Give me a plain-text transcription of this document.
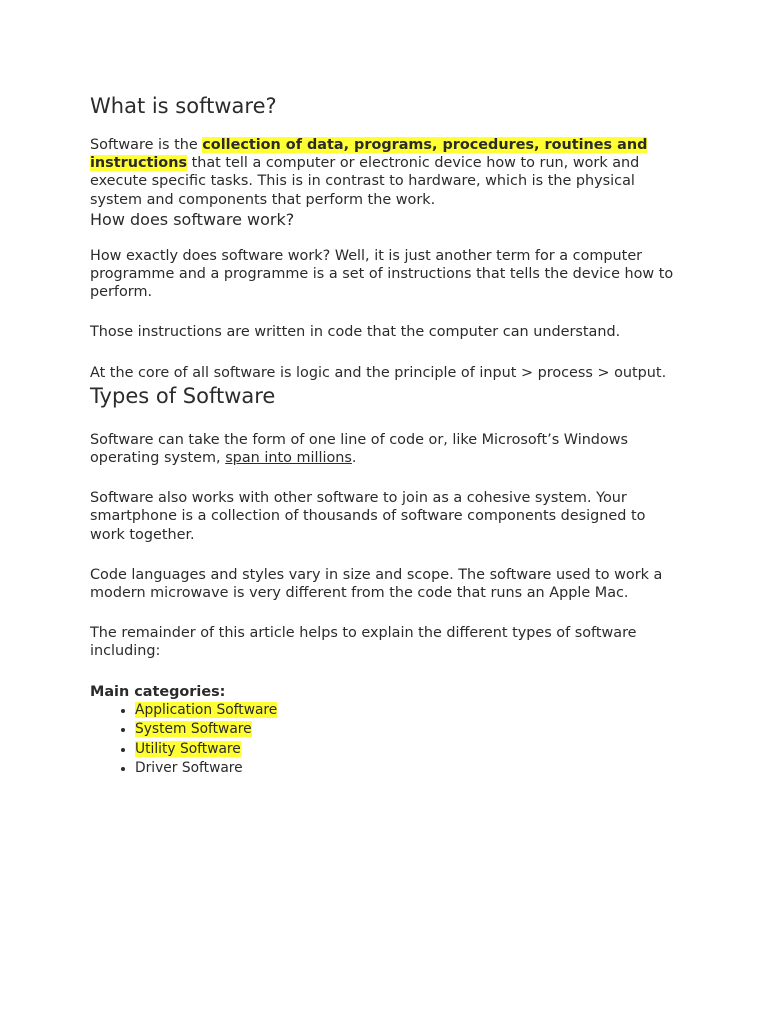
What is software?

Software is the collection of data, programs, procedures, routines and instructions that tell a computer or electronic device how to run, work and execute specific tasks. This is in contrast to hardware, which is the physical system and components that perform the work.

How does software work?

How exactly does software work? Well, it is just another term for a computer programme and a programme is a set of instructions that tells the device how to perform.

Those instructions are written in code that the computer can understand.

At the core of all software is logic and the principle of input > process > output.

Types of Software

Software can take the form of one line of code or, like Microsoft’s Windows operating system, span into millions.

Software also works with other software to join as a cohesive system. Your smartphone is a collection of thousands of software components designed to work together.

Code languages and styles vary in size and scope. The software used to work a modern microwave is very different from the code that runs an Apple Mac.

The remainder of this article helps to explain the different types of software including:

Main categories:

• Application Software
• System Software
• Utility Software
• Driver Software
